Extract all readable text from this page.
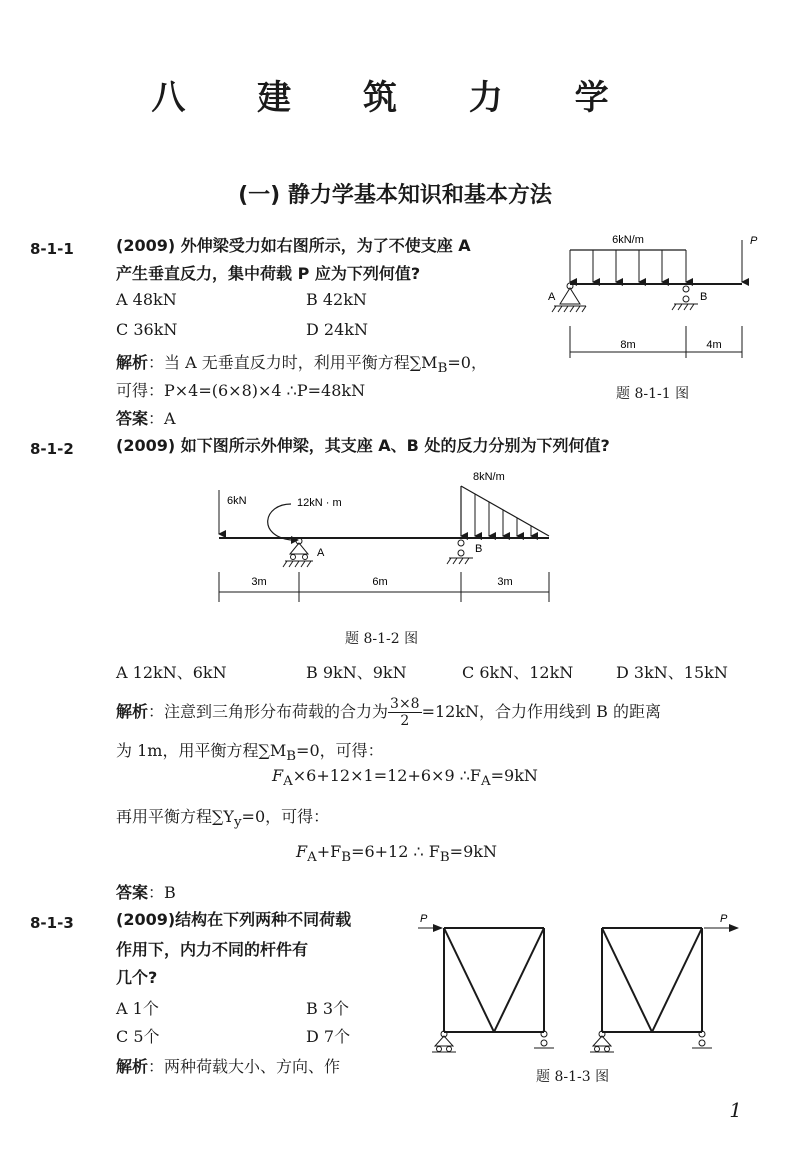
八 建 筑 力 学
(一) 静力学基本知识和基本方法
8-1-1	(2009) 外伸梁受力如右图所示，为了不使支座 A
产生垂直反力，集中荷载 P 应为下列何值?
A 48kN	B 42kN
C 36kN	D 24kN
解析：当 A 无垂直反力时，利用平衡方程$\sum M_B=0$，
可得：P×4=(6×8)×4 ∴P=48kN
答案：A
6kN/m	P
A	B
8m	4m
题 8-1-1 图
8-1-2	(2009) 如下图所示外伸梁，其支座 A、B 处的反力分别为下列何值?
6kN	12kN · m
8kN/m
A	B
3m	6m	3m
题 8-1-2 图
A 12kN、6kN	B 9kN、9kN	C 6kN、12kN	D 3kN、15kN
解析：注意到三角形分布荷载的合力为 $\frac{3\times 8}{2} =12kN$，合力作用线到 B 的距离
为 1m，用平衡方程$\sum M_B=0$，可得：
$F_A\times 6+12\times 1=12+6\times 9$ $\therefore F_A=9kN$
再用平衡方程$\sum Y_y=0$，可得：
$F_A+F_B=6+12$ ∴ $F_B=9kN$
答案：B
8-1-3	(2009)结构在下列两种不同荷载
作用下，内力不同的杆件有
几个?
A 1个	B 3个
C 5个	D 7个
解析：两种荷载大小、方向、作
P	P
题 8-1-3 图
1
